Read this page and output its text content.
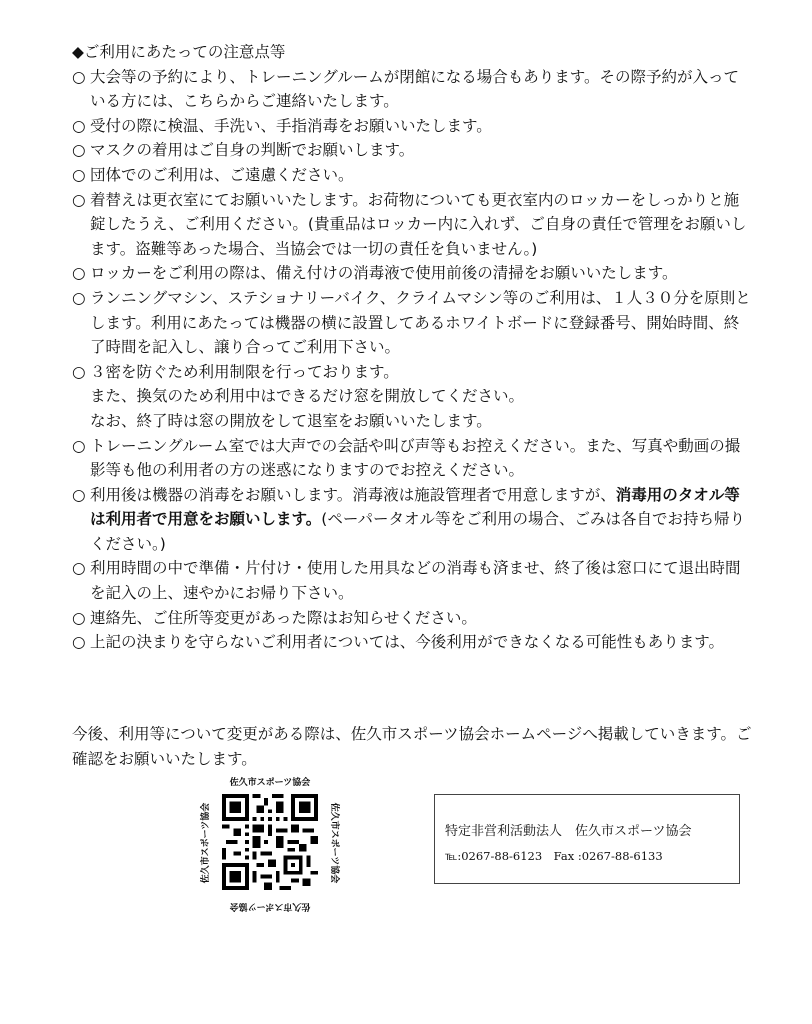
◆ご利用にあたっての注意点等
○ 大会等の予約により、トレーニングルームが閉館になる場合もあります。その際予約が入っている方には、こちらからご連絡いたします。
○ 受付の際に検温、手洗い、手指消毒をお願いいたします。
○ マスクの着用はご自身の判断でお願いします。
○ 団体でのご利用は、ご遠慮ください。
○ 着替えは更衣室にてお願いいたします。お荷物についても更衣室内のロッカーをしっかりと施錠したうえ、ご利用ください。(貴重品はロッカー内に入れず、ご自身の責任で管理をお願いします。盗難等あった場合、当協会では一切の責任を負いません。)
○ ロッカーをご利用の際は、備え付けの消毒液で使用前後の清掃をお願いいたします。
○ ランニングマシン、ステショナリーバイク、クライムマシン等のご利用は、１人３０分を原則とします。利用にあたっては機器の横に設置してあるホワイトボードに登録番号、開始時間、終了時間を記入し、譲り合ってご利用下さい。
○ ３密を防ぐため利用制限を行っております。
また、換気のため利用中はできるだけ窓を開放してください。
なお、終了時は窓の開放をして退室をお願いいたします。
○ トレーニングルーム室では大声での会話や叫び声等もお控えください。また、写真や動画の撮影等も他の利用者の方の迷惑になりますのでお控えください。
○ 利用後は機器の消毒をお願いします。消毒液は施設管理者で用意しますが、消毒用のタオル等は利用者で用意をお願いします。(ペーパータオル等をご利用の場合、ごみは各自でお持ち帰りください。)
○ 利用時間の中で準備・片付け・使用した用具などの消毒も済ませ、終了後は窓口にて退出時間を記入の上、速やかにお帰り下さい。
○ 連絡先、ご住所等変更があった際はお知らせください。
○ 上記の決まりを守らないご利用者については、今後利用ができなくなる可能性もあります。
今後、利用等について変更がある際は、佐久市スポーツ協会ホームページへ掲載していきます。ご確認をお願いいたします。
佐久市スポーツ協会
佐久市スポーツ協会	佐久市スポーツ協会
佐久市スポーツ協会
特定非営利活動法人　佐久市スポーツ協会
℡:0267-88-6123　Fax :0267-88-6133
